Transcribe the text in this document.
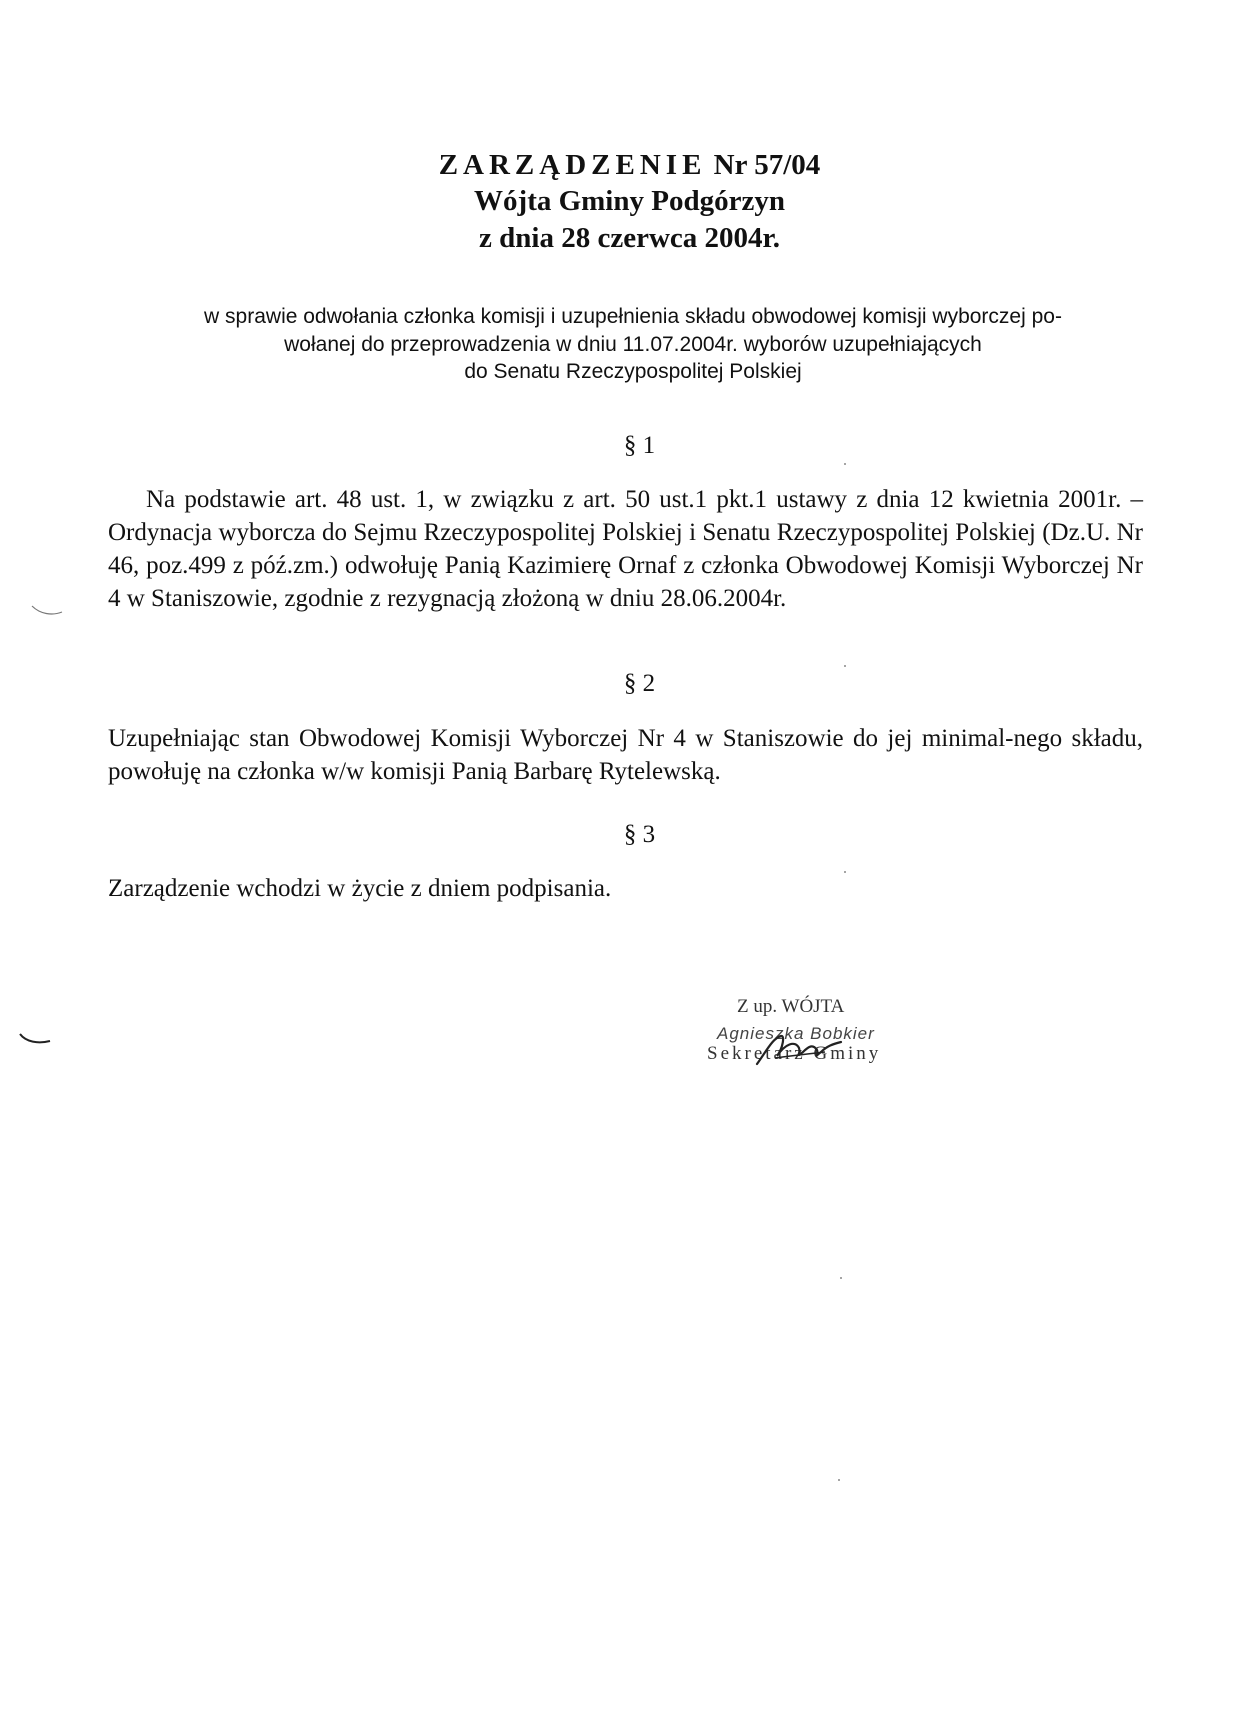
ZARZĄDZENIE Nr 57/04
Wójta Gminy Podgórzyn
z dnia 28 czerwca 2004r.
w sprawie odwołania członka komisji i uzupełnienia składu obwodowej komisji wyborczej po-
wołanej do przeprowadzenia w dniu 11.07.2004r. wyborów uzupełniających
do Senatu Rzeczypospolitej Polskiej
§ 1
Na podstawie art. 48 ust. 1, w związku z art. 50 ust.1 pkt.1 ustawy z dnia 12 kwietnia 2001r. – Ordynacja wyborcza do Sejmu Rzeczypospolitej Polskiej i Senatu Rzeczypospolitej Polskiej (Dz.U. Nr 46, poz.499 z póź.zm.) odwołuję Panią Kazimierę Ornaf z członka Obwodowej Komisji Wyborczej Nr 4 w Staniszowie, zgodnie z rezygnacją złożoną w dniu 28.06.2004r.
§ 2
Uzupełniając stan Obwodowej Komisji Wyborczej Nr 4 w Staniszowie do jej minimal-nego składu, powołuję na członka w/w komisji Panią Barbarę Rytelewską.
§ 3
Zarządzenie wchodzi w życie z dniem podpisania.
Z up. WÓJTA
Agnieszka Bobkier
Sekretarz Gminy
